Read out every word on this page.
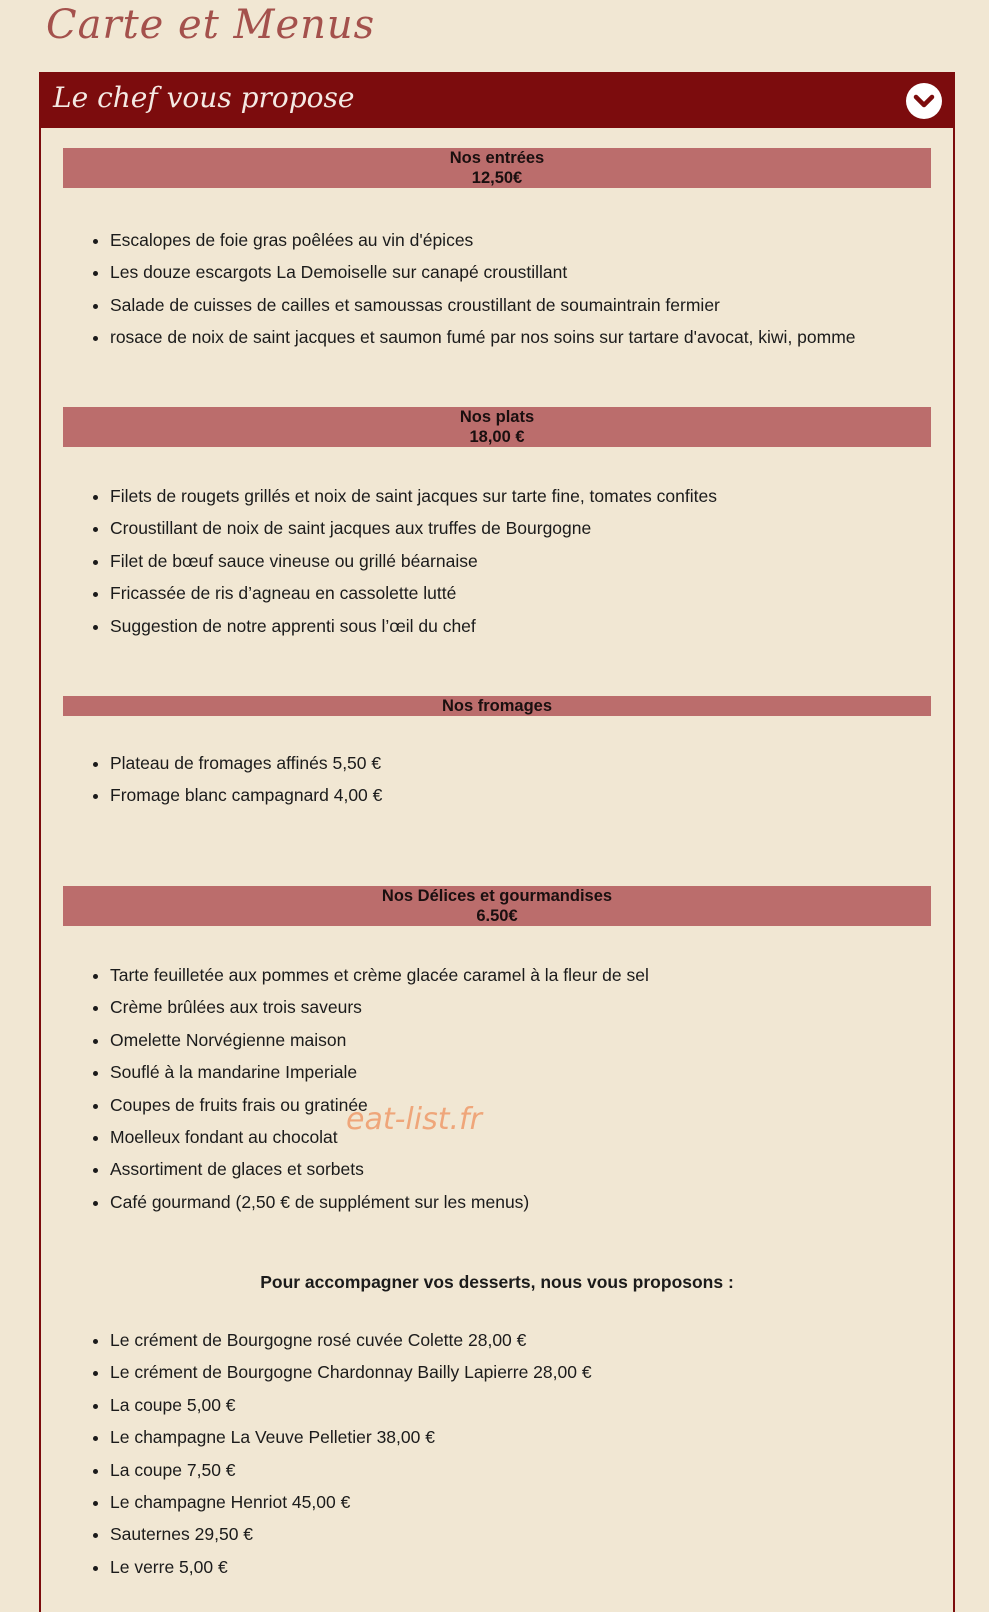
Carte et Menus
Le chef vous propose
Nos entrées
12,50€
• Escalopes de foie gras poêlées au vin d'épices
• Les douze escargots La Demoiselle sur canapé croustillant
• Salade de cuisses de cailles et samoussas croustillant de soumaintrain fermier
• rosace de noix de saint jacques et saumon fumé par nos soins sur tartare d'avocat, kiwi, pomme
Nos plats
18,00 €
• Filets de rougets grillés et noix de saint jacques sur tarte fine, tomates confites
• Croustillant de noix de saint jacques aux truffes de Bourgogne
• Filet de bœuf sauce vineuse ou grillé béarnaise
• Fricassée de ris d’agneau en cassolette lutté
• Suggestion de notre apprenti sous l’œil du chef
Nos fromages
• Plateau de fromages affinés 5,50 €
• Fromage blanc campagnard 4,00 €
Nos Délices et gourmandises
6.50€
• Tarte feuilletée aux pommes et crème glacée caramel à la fleur de sel
• Crème brûlées aux trois saveurs
• Omelette Norvégienne maison
• Souflé à la mandarine Imperiale
• Coupes de fruits frais ou gratinée
• Moelleux fondant au chocolat
• Assortiment de glaces et sorbets
• Café gourmand (2,50 € de supplément sur les menus)
Pour accompagner vos desserts, nous vous proposons :
• Le crément de Bourgogne rosé cuvée Colette 28,00 €
• Le crément de Bourgogne Chardonnay Bailly Lapierre 28,00 €
• La coupe 5,00 €
• Le champagne La Veuve Pelletier 38,00 €
• La coupe 7,50 €
• Le champagne Henriot 45,00 €
• Sauternes 29,50 €
• Le verre 5,00 €
eat-list.fr
